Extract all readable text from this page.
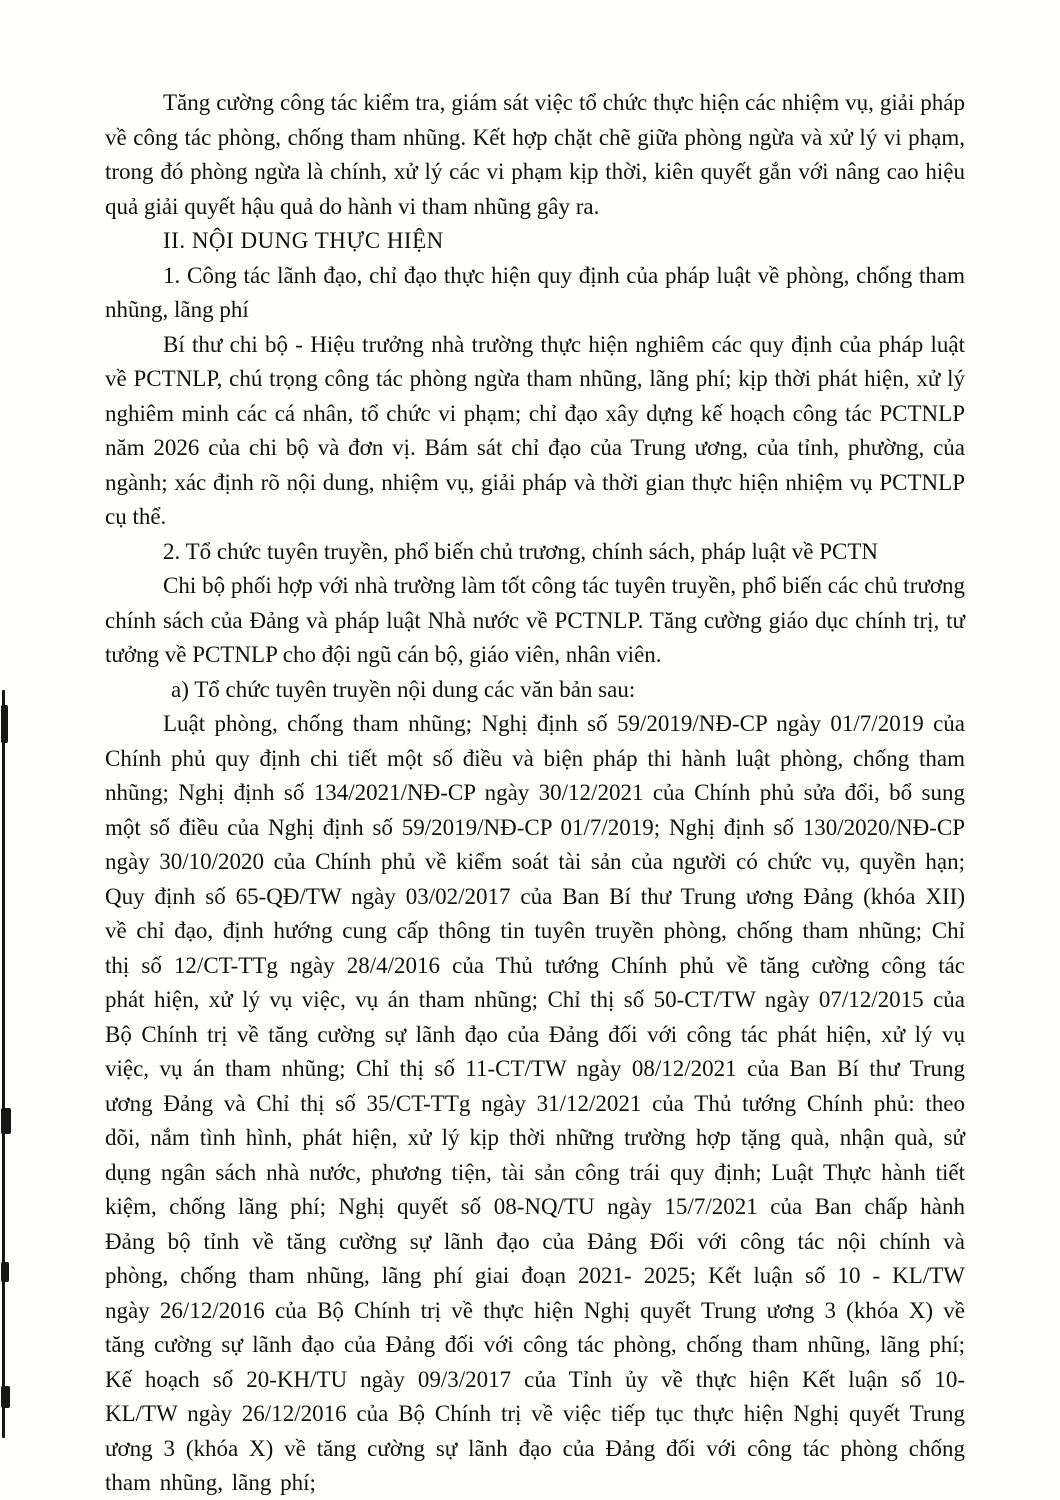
Tăng cường công tác kiểm tra, giám sát việc tổ chức thực hiện các nhiệm vụ, giải pháp về công tác phòng, chống tham nhũng. Kết hợp chặt chẽ giữa phòng ngừa và xử lý vi phạm, trong đó phòng ngừa là chính, xử lý các vi phạm kịp thời, kiên quyết gắn với nâng cao hiệu quả giải quyết hậu quả do hành vi tham nhũng gây ra.

II. NỘI DUNG THỰC HIỆN
1. Công tác lãnh đạo, chỉ đạo thực hiện quy định của pháp luật về phòng, chống tham nhũng, lãng phí

Bí thư chi bộ - Hiệu trưởng nhà trường thực hiện nghiêm các quy định của pháp luật về PCTNLP, chú trọng công tác phòng ngừa tham nhũng, lãng phí; kịp thời phát hiện, xử lý nghiêm minh các cá nhân, tổ chức vi phạm; chỉ đạo xây dựng kế hoạch công tác PCTNLP năm 2026 của chi bộ và đơn vị. Bám sát chỉ đạo của Trung ương, của tỉnh, phường, của ngành; xác định rõ nội dung, nhiệm vụ, giải pháp và thời gian thực hiện nhiệm vụ PCTNLP cụ thể.

2. Tổ chức tuyên truyền, phổ biến chủ trương, chính sách, pháp luật về PCTN

Chi bộ phối hợp với nhà trường làm tốt công tác tuyên truyền, phổ biến các chủ trương chính sách của Đảng và pháp luật Nhà nước về PCTNLP. Tăng cường giáo dục chính trị, tư tưởng về PCTNLP cho đội ngũ cán bộ, giáo viên, nhân viên.

a) Tổ chức tuyên truyền nội dung các văn bản sau:

Luật phòng, chống tham nhũng; Nghị định số 59/2019/NĐ-CP ngày 01/7/2019 của Chính phủ quy định chi tiết một số điều và biện pháp thi hành luật phòng, chống tham nhũng; Nghị định số 134/2021/NĐ-CP ngày 30/12/2021 của Chính phủ sửa đổi, bổ sung một số điều của Nghị định số 59/2019/NĐ-CP 01/7/2019; Nghị định số 130/2020/NĐ-CP ngày 30/10/2020 của Chính phủ về kiểm soát tài sản của người có chức vụ, quyền hạn; Quy định số 65-QĐ/TW ngày 03/02/2017 của Ban Bí thư Trung ương Đảng (khóa XII) về chỉ đạo, định hướng cung cấp thông tin tuyên truyền phòng, chống tham nhũng; Chỉ thị số 12/CT-TTg ngày 28/4/2016 của Thủ tướng Chính phủ về tăng cường công tác phát hiện, xử lý vụ việc, vụ án tham nhũng; Chỉ thị số 50-CT/TW ngày 07/12/2015 của Bộ Chính trị về tăng cường sự lãnh đạo của Đảng đối với công tác phát hiện, xử lý vụ việc, vụ án tham nhũng; Chỉ thị số 11-CT/TW ngày 08/12/2021 của Ban Bí thư Trung ương Đảng và Chỉ thị số 35/CT-TTg ngày 31/12/2021 của Thủ tướng Chính phủ: theo dõi, nắm tình hình, phát hiện, xử lý kịp thời những trường hợp tặng quà, nhận quà, sử dụng ngân sách nhà nước, phương tiện, tài sản công trái quy định; Luật Thực hành tiết kiệm, chống lãng phí; Nghị quyết số 08-NQ/TU ngày 15/7/2021 của Ban chấp hành Đảng bộ tỉnh về tăng cường sự lãnh đạo của Đảng Đối với công tác nội chính và phòng, chống tham nhũng, lãng phí giai đoạn 2021- 2025; Kết luận số 10 - KL/TW ngày 26/12/2016 của Bộ Chính trị về thực hiện Nghị quyết Trung ương 3 (khóa X) về tăng cường sự lãnh đạo của Đảng đối với công tác phòng, chống tham nhũng, lãng phí; Kế hoạch số 20-KH/TU ngày 09/3/2017 của Tỉnh ủy về thực hiện Kết luận số 10-KL/TW ngày 26/12/2016 của Bộ Chính trị về việc tiếp tục thực hiện Nghị quyết Trung ương 3 (khóa X) về tăng cường sự lãnh đạo của Đảng đối với công tác phòng chống tham nhũng, lãng phí;
